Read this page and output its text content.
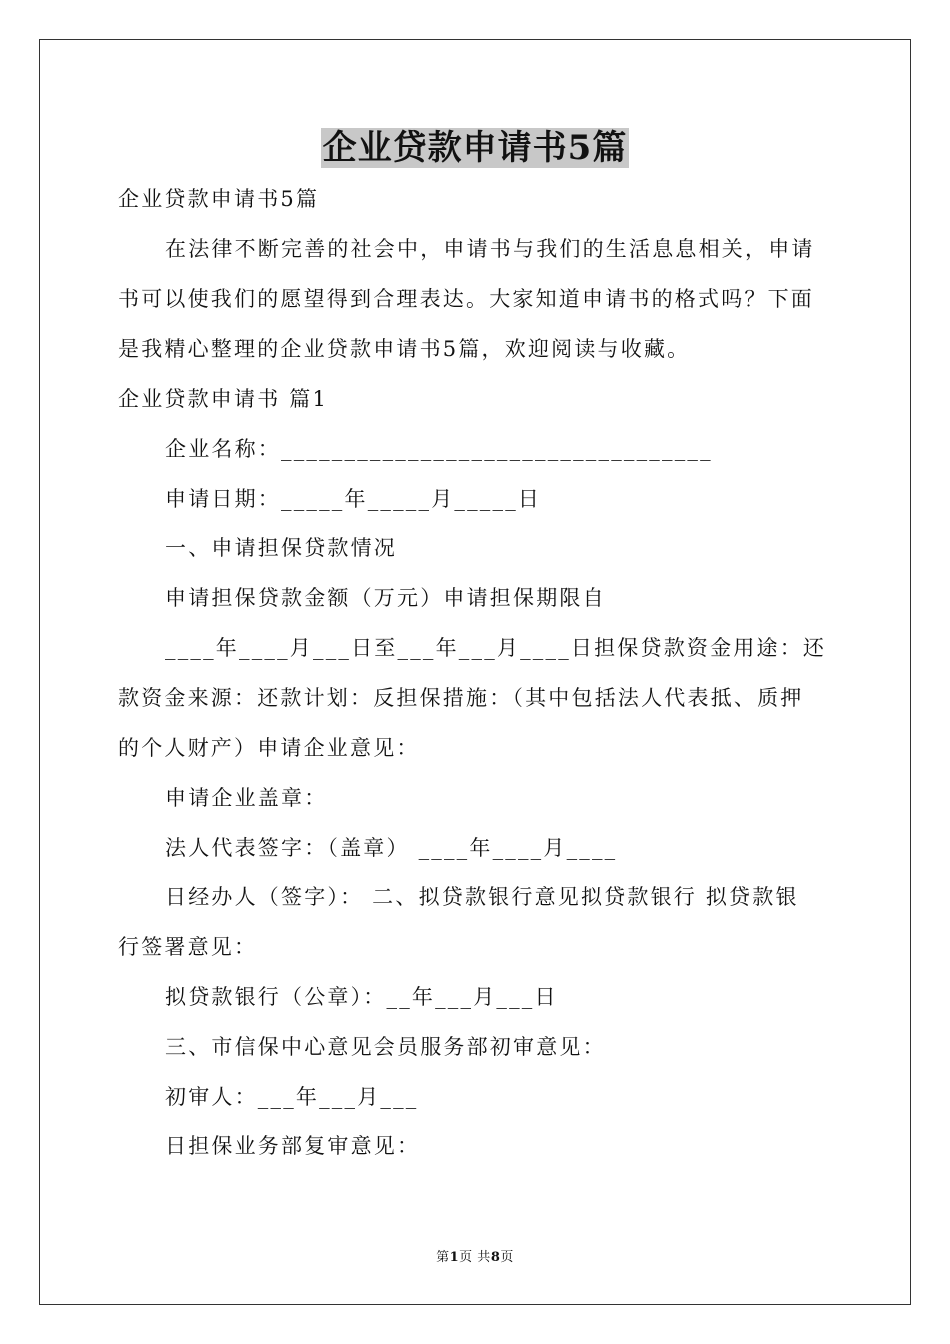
企业贷款申请书5篇
企业贷款申请书5篇
在法律不断完善的社会中，申请书与我们的生活息息相关，申请
书可以使我们的愿望得到合理表达。大家知道申请书的格式吗？下面
是我精心整理的企业贷款申请书5篇，欢迎阅读与收藏。
企业贷款申请书 篇1
企业名称：__________________________________
申请日期：_____年_____月_____日
一、申请担保贷款情况
申请担保贷款金额（万元）申请担保期限自
____年____月___日至___年___月____日担保贷款资金用途：还
款资金来源：还款计划：反担保措施：（其中包括法人代表抵、质押
的个人财产）申请企业意见：
申请企业盖章：
法人代表签字：（盖章） ____年____月____
日经办人（签字）： 二、拟贷款银行意见拟贷款银行 拟贷款银
行签署意见：
拟贷款银行（公章）：__年___月___日
三、市信保中心意见会员服务部初审意见：
初审人：___年___月___
日担保业务部复审意见：
第1页 共8页
